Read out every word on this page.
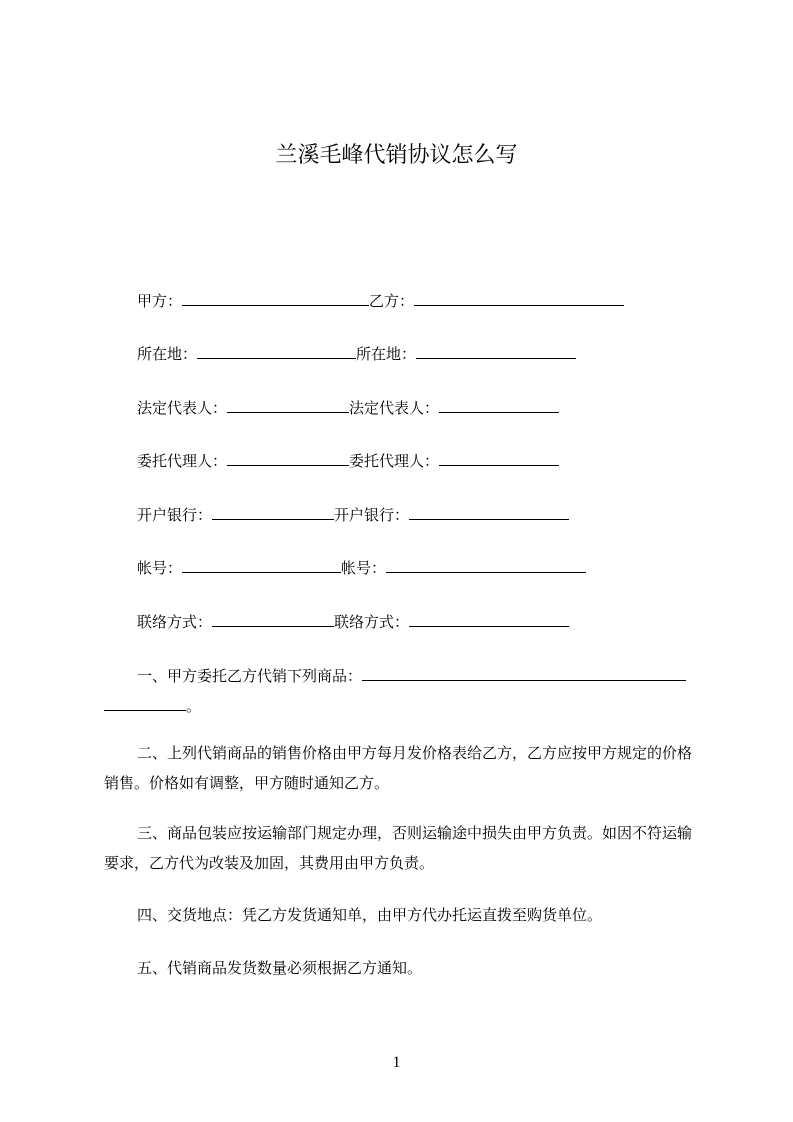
兰溪毛峰代销协议怎么写
甲方：	乙方：
所在地：	所在地：
法定代表人：	法定代表人：
委托代理人：	委托代理人：
开户银行：	开户银行：
帐号：	帐号：
联络方式：	联络方式：
一、甲方委托乙方代销下列商品：。
二、上列代销商品的销售价格由甲方每月发价格表给乙方，乙方应按甲方规定的价格销售。价格如有调整，甲方随时通知乙方。
三、商品包装应按运输部门规定办理，否则运输途中损失由甲方负责。如因不符运输要求，乙方代为改装及加固，其费用由甲方负责。
四、交货地点：凭乙方发货通知单，由甲方代办托运直拨至购货单位。
五、代销商品发货数量必须根据乙方通知。
1
